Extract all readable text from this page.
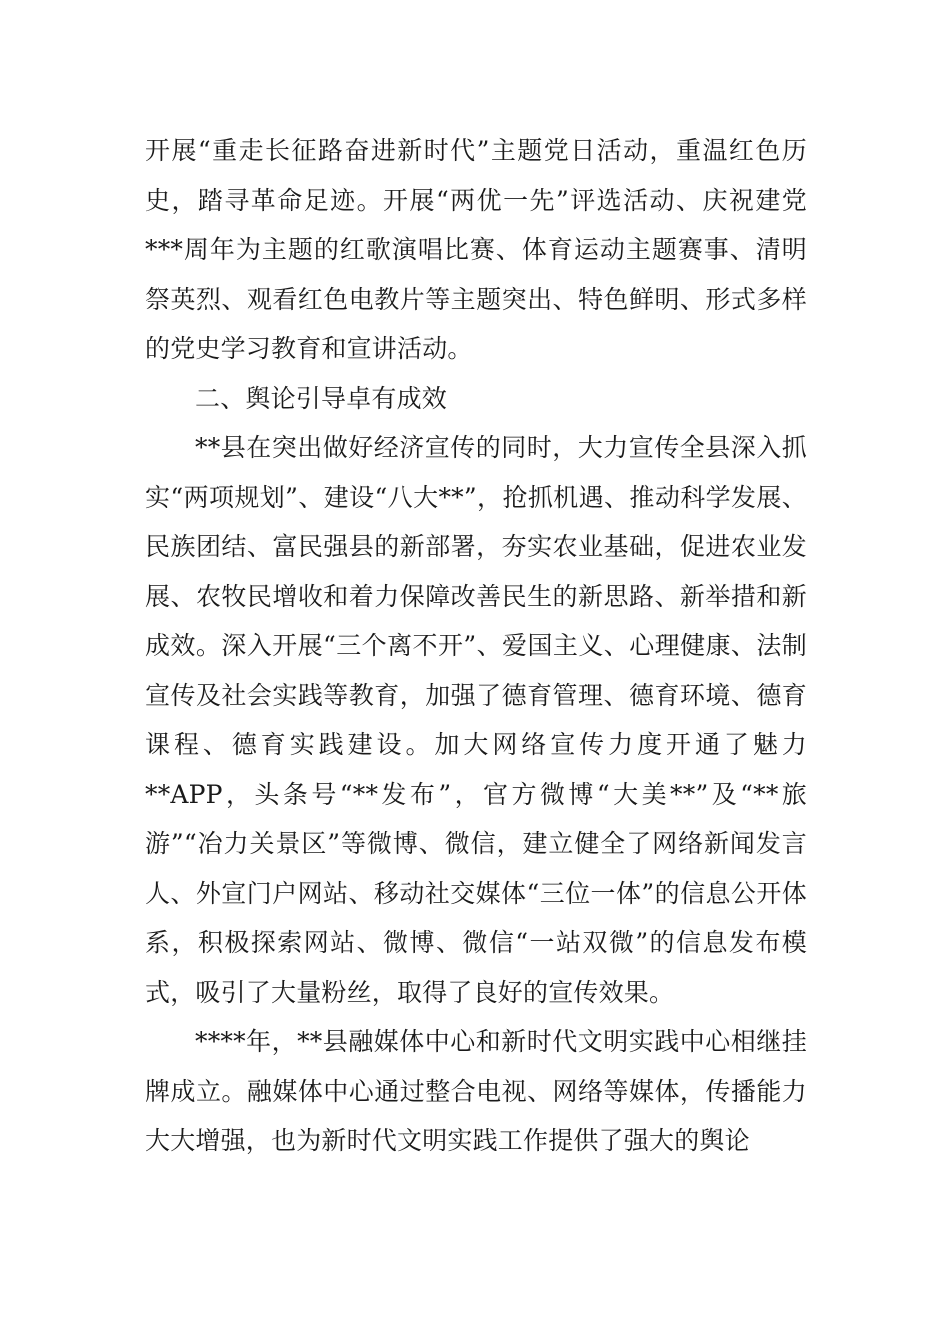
开展“重走长征路奋进新时代”主题党日活动，重温红色历史，踏寻革命足迹。开展“两优一先”评选活动、庆祝建党***周年为主题的红歌演唱比赛、体育运动主题赛事、清明祭英烈、观看红色电教片等主题突出、特色鲜明、形式多样的党史学习教育和宣讲活动。

二、舆论引导卓有成效

**县在突出做好经济宣传的同时，大力宣传全县深入抓实“两项规划”、建设“八大**”，抢抓机遇、推动科学发展、民族团结、富民强县的新部署，夯实农业基础，促进农业发展、农牧民增收和着力保障改善民生的新思路、新举措和新成效。深入开展“三个离不开”、爱国主义、心理健康、法制宣传及社会实践等教育，加强了德育管理、德育环境、德育课程、德育实践建设。加大网络宣传力度开通了魅力**APP，头条号“**发布”，官方微博“大美**”及“**旅游”“冶力关景区”等微博、微信，建立健全了网络新闻发言人、外宣门户网站、移动社交媒体“三位一体”的信息公开体系，积极探索网站、微博、微信“一站双微”的信息发布模式，吸引了大量粉丝，取得了良好的宣传效果。

****年，**县融媒体中心和新时代文明实践中心相继挂牌成立。融媒体中心通过整合电视、网络等媒体，传播能力大大增强，也为新时代文明实践工作提供了强大的舆论
